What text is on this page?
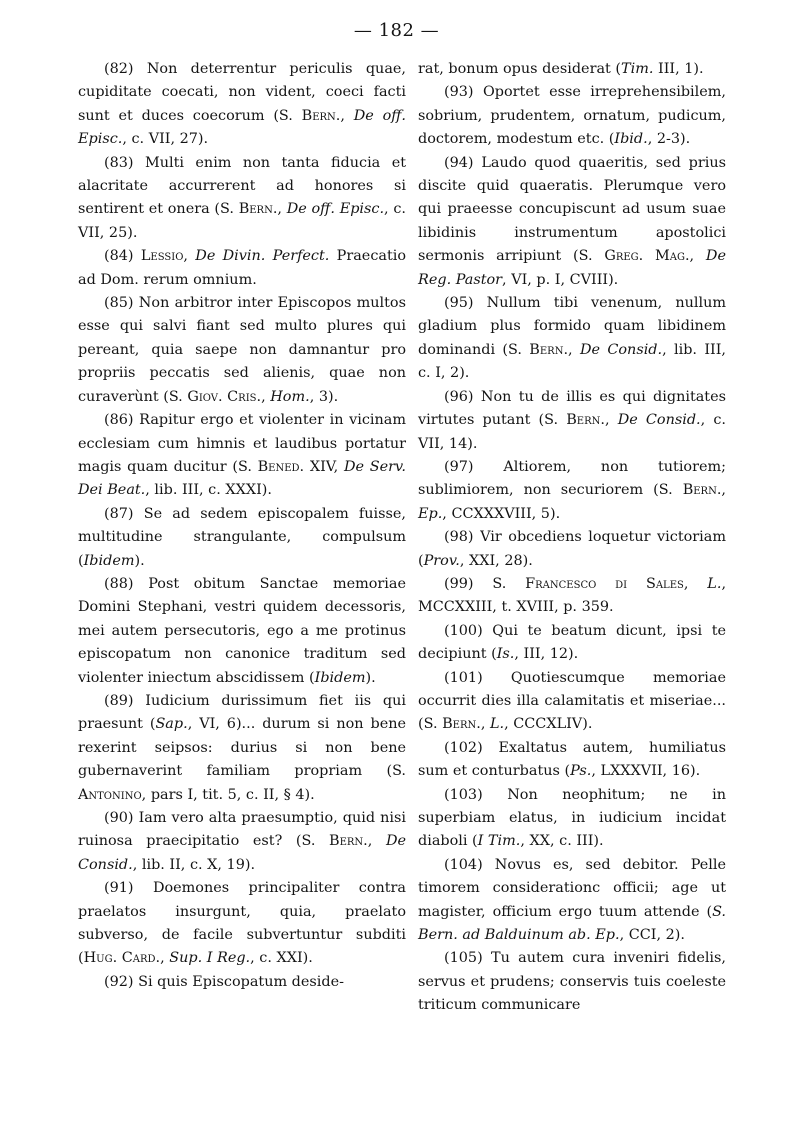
— 182 —

(82) Non deterrentur periculis quae, cupiditate coecati, non vident, coeci facti sunt et duces coecorum (S. Bern., De off. Episc., c. VII, 27).

(83) Multi enim non tanta fiducia et alacritate accurrerent ad honores si sentirent et onera (S. Bern., De off. Episc., c. VII, 25).

(84) Lessio, De Divin. Perfect. Praecatio ad Dom. rerum omnium.

(85) Non arbitror inter Episcopos multos esse qui salvi fiant sed multo plures qui pereant, quia saepe non damnantur pro propriis peccatis sed alienis, quae non curaverùnt (S. Giov. Cris., Hom., 3).

(86) Rapitur ergo et violenter in vicinam ecclesiam cum himnis et laudibus portatur magis quam ducitur (S. Bened. XIV, De Serv. Dei Beat., lib. III, c. XXXI).

(87) Se ad sedem episcopalem fuisse, multitudine strangulante, compulsum (Ibidem).

(88) Post obitum Sanctae memoriae Domini Stephani, vestri quidem decessoris, mei autem persecutoris, ego a me protinus episcopatum non canonice traditum sed violenter iniectum abscidissem (Ibidem).

(89) Iudicium durissimum fiet iis qui praesunt (Sap., VI, 6)... durum si non bene rexerint seipsos: durius si non bene gubernaverint familiam propriam (S. Antonino, pars I, tit. 5, c. II, § 4).

(90) Iam vero alta praesumptio, quid nisi ruinosa praecipitatio est? (S. Bern., De Consid., lib. II, c. X, 19).

(91) Doemones principaliter contra praelatos insurgunt, quia, praelato subverso, de facile subvertuntur subditi (Hug. Card., Sup. I Reg., c. XXI).

(92) Si quis Episcopatum deside-

rat, bonum opus desiderat (Tim. III, 1).

(93) Oportet esse irreprehensibilem, sobrium, prudentem, ornatum, pudicum, doctorem, modestum etc. (Ibid., 2-3).

(94) Laudo quod quaeritis, sed prius discite quid quaeratis. Plerumque vero qui praeesse concupiscunt ad usum suae libidinis instrumentum apostolici sermonis arripiunt (S. Greg. Mag., De Reg. Pastor, VI, p. I, CVIII).

(95) Nullum tibi venenum, nullum gladium plus formido quam libidinem dominandi (S. Bern., De Consid., lib. III, c. I, 2).

(96) Non tu de illis es qui dignitates virtutes putant (S. Bern., De Consid., c. VII, 14).

(97) Altiorem, non tutiorem; sublimiorem, non securiorem (S. Bern., Ep., CCXXXVIII, 5).

(98) Vir obcediens loquetur victoriam (Prov., XXI, 28).

(99) S. Francesco di Sales, L., MCCXXIII, t. XVIII, p. 359.

(100) Qui te beatum dicunt, ipsi te decipiunt (Is., III, 12).

(101) Quotiescumque memoriae occurrit dies illa calamitatis et miseriae... (S. Bern., L., CCCXLIV).

(102) Exaltatus autem, humiliatus sum et conturbatus (Ps., LXXXVII, 16).

(103) Non neophitum; ne in superbiam elatus, in iudicium incidat diaboli (I Tim., XX, c. III).

(104) Novus es, sed debitor. Pelle timorem considerationc officii; age ut magister, officium ergo tuum attende (S. Bern. ad Balduinum ab. Ep., CCI, 2).

(105) Tu autem cura inveniri fidelis, servus et prudens; conservis tuis coeleste triticum communicare
